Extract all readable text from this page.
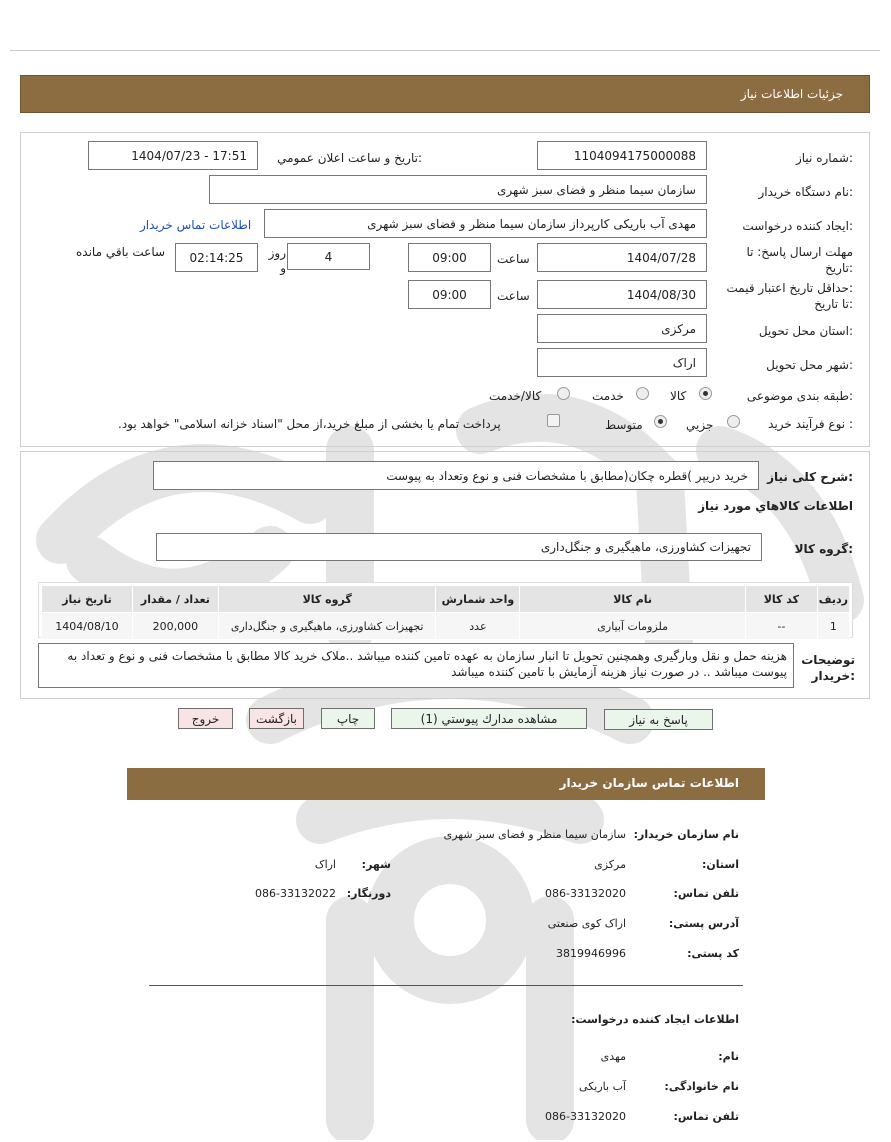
جزئیات اطلاعات نیاز
شماره نیاز:
1104094175000088
تاریخ و ساعت اعلان عمومي:
1404/07/23 - 17:51
نام دستگاه خریدار:
سازمان سیما منظر و فضای سبز شهری
ایجاد کننده درخواست:
مهدی آب باریکی کارپرداز سازمان سیما منظر و فضای سبز شهری
اطلاعات تماس خریدار
مهلت ارسال پاسخ: تا
تاریخ:
1404/07/28
ساعت
09:00
4
روز و
02:14:25
ساعت باقي مانده
حداقل تاریخ اعتبار قیمت:
تا تاریخ:
1404/08/30
ساعت
09:00
استان محل تحویل:
مرکزی
شهر محل تحویل:
اراک
طبقه بندی موضوعی:
کالا
خدمت
کالا/خدمت
نوع فرآیند خرید :
جزيي
متوسط
پرداخت تمام یا بخشی از مبلغ خرید،از محل "اسناد خزانه اسلامی" خواهد بود.
شرح کلی نیاز:
خرید دریپر )قطره چکان(مطابق با مشخصات فنی و نوع وتعداد به پیوست
اطلاعات کالاهاي مورد نیاز
گروه کالا:
تجهیزات کشاورزی، ماهیگیری و جنگل‌داری
ردیف	کد کالا	نام کالا	واحد شمارش	گروه کالا	تعداد / مقدار	تاریخ نیاز
1	--	ملزومات آبیاری	عدد	تجهیزات کشاورزی، ماهیگیری و جنگل‌داری	200,000	1404/08/10
توضیحات خریدار:
هزینه حمل و نقل وبارگیری وهمچنین تحویل تا انبار سازمان به عهده تامین کننده میباشد ..ملاک خرید کالا مطابق با مشخصات فنی و نوع و تعداد به پیوست میباشد .. در صورت نیاز هزینه آزمایش با تامین کننده میباشد
پاسخ به نیاز
مشاهده مدارك پیوستي (1)
چاپ
بازگشت
خروج
اطلاعات تماس سازمان خریدار
نام سازمان خریدار:
سازمان سیما منظر و فضای سبز شهری
استان:
مرکزی
شهر:
اراک
تلفن تماس:
086-33132020
دورنگار:
086-33132022
آدرس پستی:
اراک کوی صنعتی
کد پستی:
3819946996
اطلاعات ایجاد کننده درخواست:
نام:
مهدی
نام خانوادگی:
آب باریکی
تلفن تماس:
086-33132020
